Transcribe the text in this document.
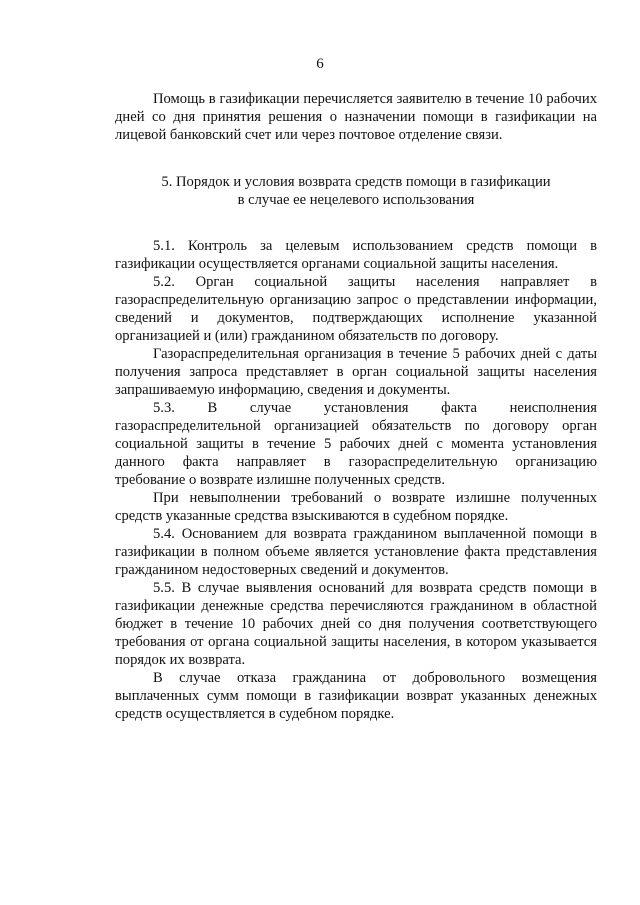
6

Помощь в газификации перечисляется заявителю в течение 10 рабочих дней со дня принятия решения о назначении помощи в газификации на лицевой банковский счет или через почтовое отделение связи.

5. Порядок и условия возврата средств помощи в газификации
в случае ее нецелевого использования

5.1. Контроль за целевым использованием средств помощи в газификации осуществляется органами социальной защиты населения.

5.2. Орган социальной защиты населения направляет в газораспределительную организацию запрос о представлении информации, сведений и документов, подтверждающих исполнение указанной организацией и (или) гражданином обязательств по договору.

Газораспределительная организация в течение 5 рабочих дней с даты получения запроса представляет в орган социальной защиты населения запрашиваемую информацию, сведения и документы.

5.3. В случае установления факта неисполнения газораспределительной организацией обязательств по договору орган социальной защиты в течение 5 рабочих дней с момента установления данного факта направляет в газораспределительную организацию требование о возврате излишне полученных средств.

При невыполнении требований о возврате излишне полученных средств указанные средства взыскиваются в судебном порядке.

5.4. Основанием для возврата гражданином выплаченной помощи в газификации в полном объеме является установление факта представления гражданином недостоверных сведений и документов.

5.5. В случае выявления оснований для возврата средств помощи в газификации денежные средства перечисляются гражданином в областной бюджет в течение 10 рабочих дней со дня получения соответствующего требования от органа социальной защиты населения, в котором указывается порядок их возврата.

В случае отказа гражданина от добровольного возмещения выплаченных сумм помощи в газификации возврат указанных денежных средств осуществляется в судебном порядке.
